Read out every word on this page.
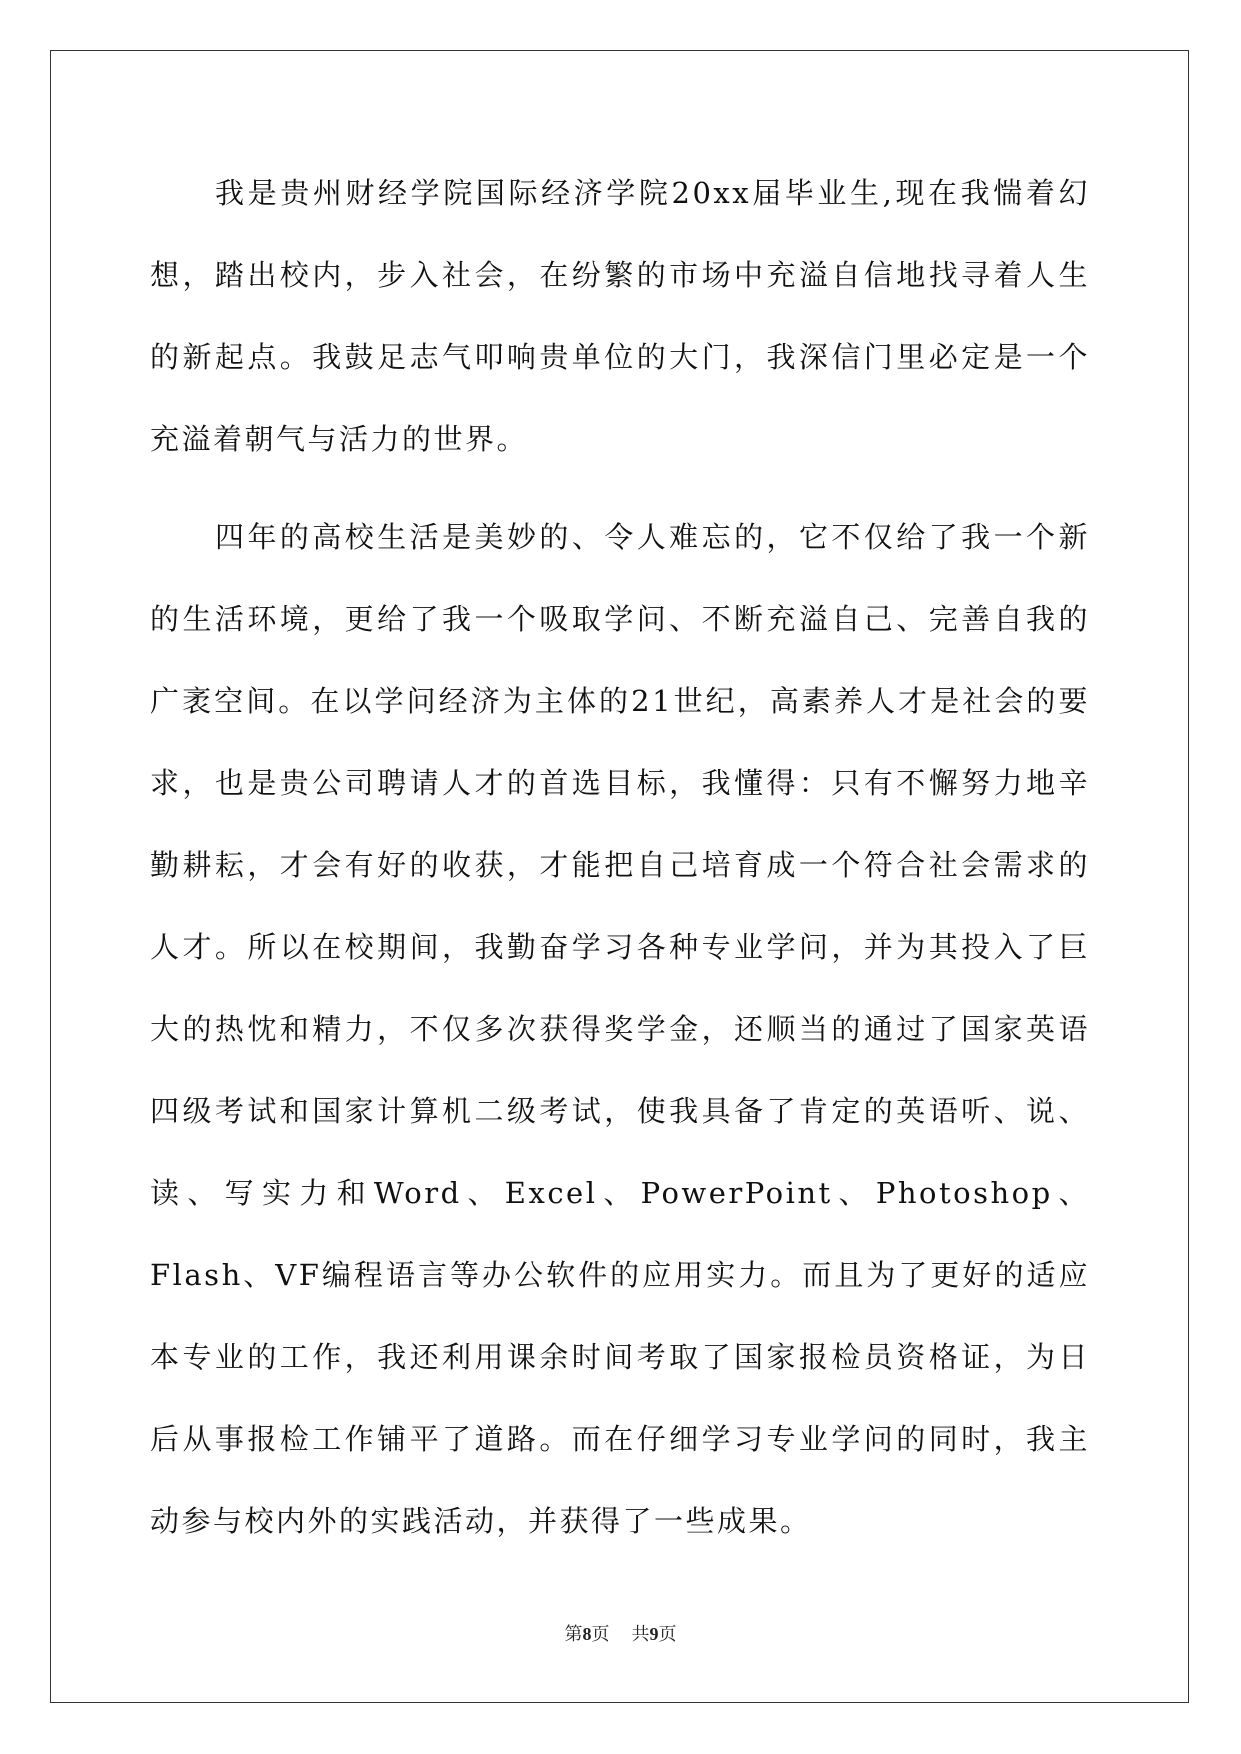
我是贵州财经学院国际经济学院20xx届毕业生,现在我惴着幻想，踏出校内，步入社会，在纷繁的市场中充溢自信地找寻着人生的新起点。我鼓足志气叩响贵单位的大门，我深信门里必定是一个充溢着朝气与活力的世界。

四年的高校生活是美妙的、令人难忘的，它不仅给了我一个新的生活环境，更给了我一个吸取学问、不断充溢自己、完善自我的广袤空间。在以学问经济为主体的21世纪，高素养人才是社会的要求，也是贵公司聘请人才的首选目标，我懂得：只有不懈努力地辛勤耕耘，才会有好的收获，才能把自己培育成一个符合社会需求的人才。所以在校期间，我勤奋学习各种专业学问，并为其投入了巨大的热忱和精力，不仅多次获得奖学金，还顺当的通过了国家英语四级考试和国家计算机二级考试，使我具备了肯定的英语听、说、读、写实力和Word、Excel、PowerPoint、Photoshop、Flash、VF编程语言等办公软件的应用实力。而且为了更好的适应本专业的工作，我还利用课余时间考取了国家报检员资格证，为日后从事报检工作铺平了道路。而在仔细学习专业学问的同时，我主动参与校内外的实践活动，并获得了一些成果。

第8页 共9页
